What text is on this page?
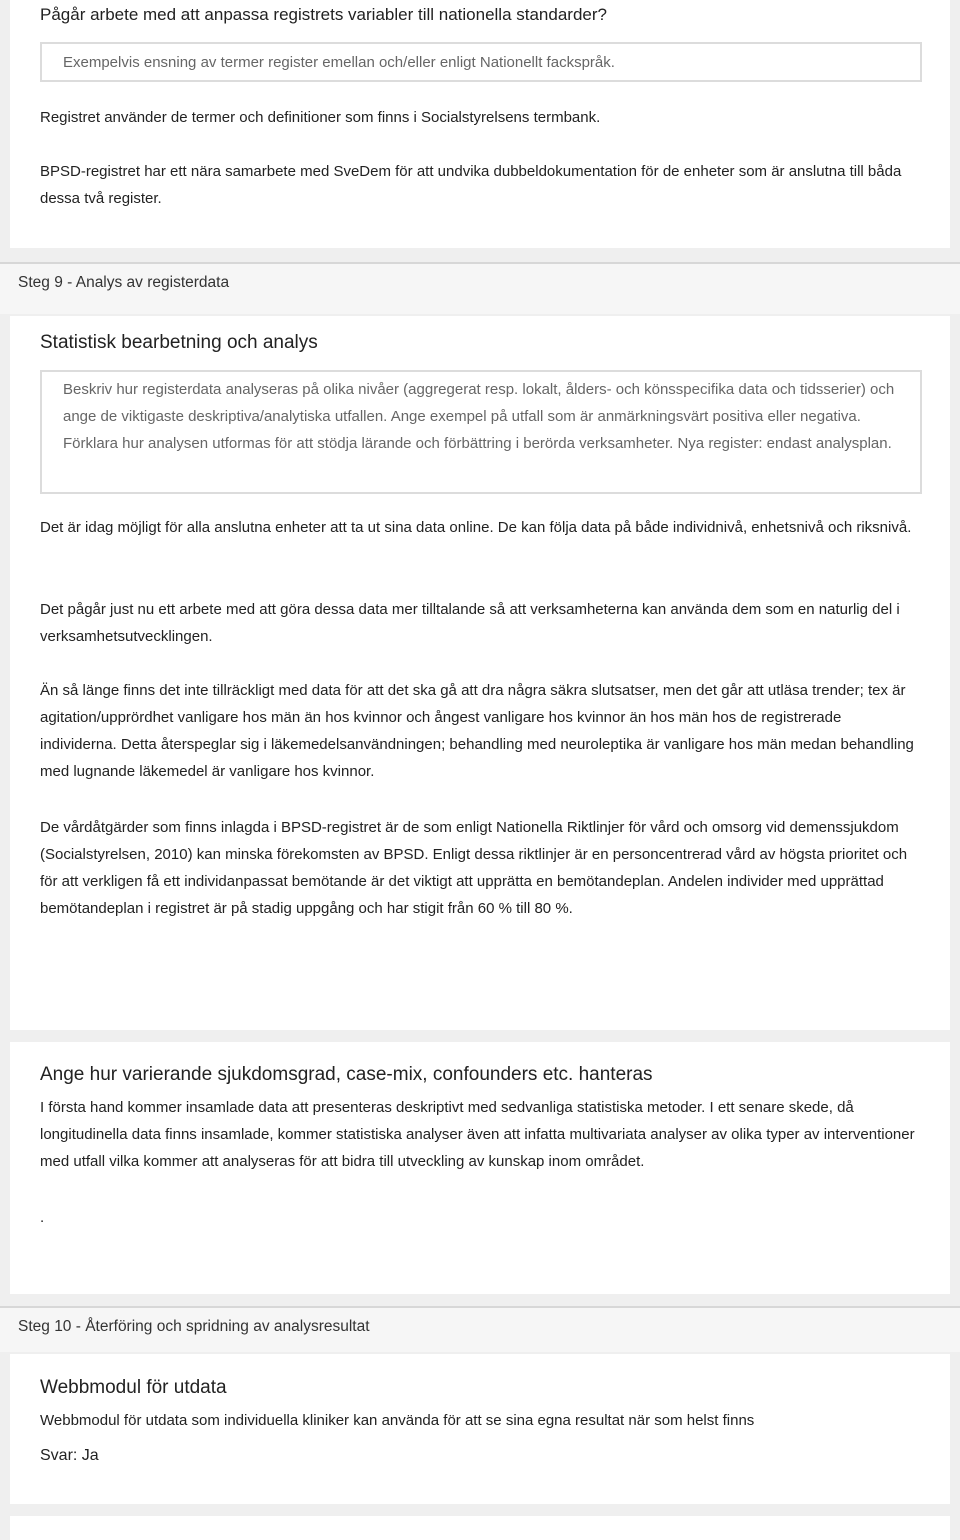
Pågår arbete med att anpassa registrets variabler till nationella standarder?
Exempelvis ensning av termer register emellan och/eller enligt Nationellt fackspråk.
Registret använder de termer och definitioner som finns i Socialstyrelsens termbank.
BPSD-registret har ett nära samarbete med SveDem för att undvika dubbeldokumentation för de enheter som är anslutna till båda dessa två register.
Steg 9 - Analys av registerdata
Statistisk bearbetning och analys
Beskriv hur registerdata analyseras på olika nivåer (aggregerat resp. lokalt, ålders- och könsspecifika data och tidsserier) och ange de viktigaste deskriptiva/analytiska utfallen. Ange exempel på utfall som är anmärkningsvärt positiva eller negativa. Förklara hur analysen utformas för att stödja lärande och förbättring i berörda verksamheter. Nya register: endast analysplan.
Det är idag möjligt för alla anslutna enheter att ta ut sina data online. De kan följa data på både individnivå, enhetsnivå och riksnivå.
Det pågår just nu ett arbete med att göra dessa data mer tilltalande så att verksamheterna kan använda dem som en naturlig del i verksamhetsutvecklingen.
Än så länge finns det inte tillräckligt med data för att det ska gå att dra några säkra slutsatser, men det går att utläsa trender; tex är agitation/upprördhet vanligare hos män än hos kvinnor och ångest vanligare hos kvinnor än hos män hos de registrerade individerna. Detta återspeglar sig i läkemedelsanvändningen; behandling med neuroleptika är vanligare hos män medan behandling med lugnande läkemedel är vanligare hos kvinnor.
De vårdåtgärder som finns inlagda i BPSD-registret är de som enligt Nationella Riktlinjer för vård och omsorg vid demenssjukdom (Socialstyrelsen, 2010) kan minska förekomsten av BPSD. Enligt dessa riktlinjer är en personcentrerad vård av högsta prioritet och för att verkligen få ett individanpassat bemötande är det viktigt att upprätta en bemötandeplan. Andelen individer med upprättad bemötandeplan i registret är på stadig uppgång och har stigit från 60 % till 80 %.
Ange hur varierande sjukdomsgrad, case-mix, confounders etc. hanteras
I första hand kommer insamlade data att presenteras deskriptivt med sedvanliga statistiska metoder. I ett senare skede, då longitudinella data finns insamlade, kommer statistiska analyser även att infatta multivariata analyser av olika typer av interventioner med utfall vilka kommer att analyseras för att bidra till utveckling av kunskap inom området.
.
Steg 10 - Återföring och spridning av analysresultat
Webbmodul för utdata
Webbmodul för utdata som individuella kliniker kan använda för att se sina egna resultat när som helst finns
Svar: Ja
